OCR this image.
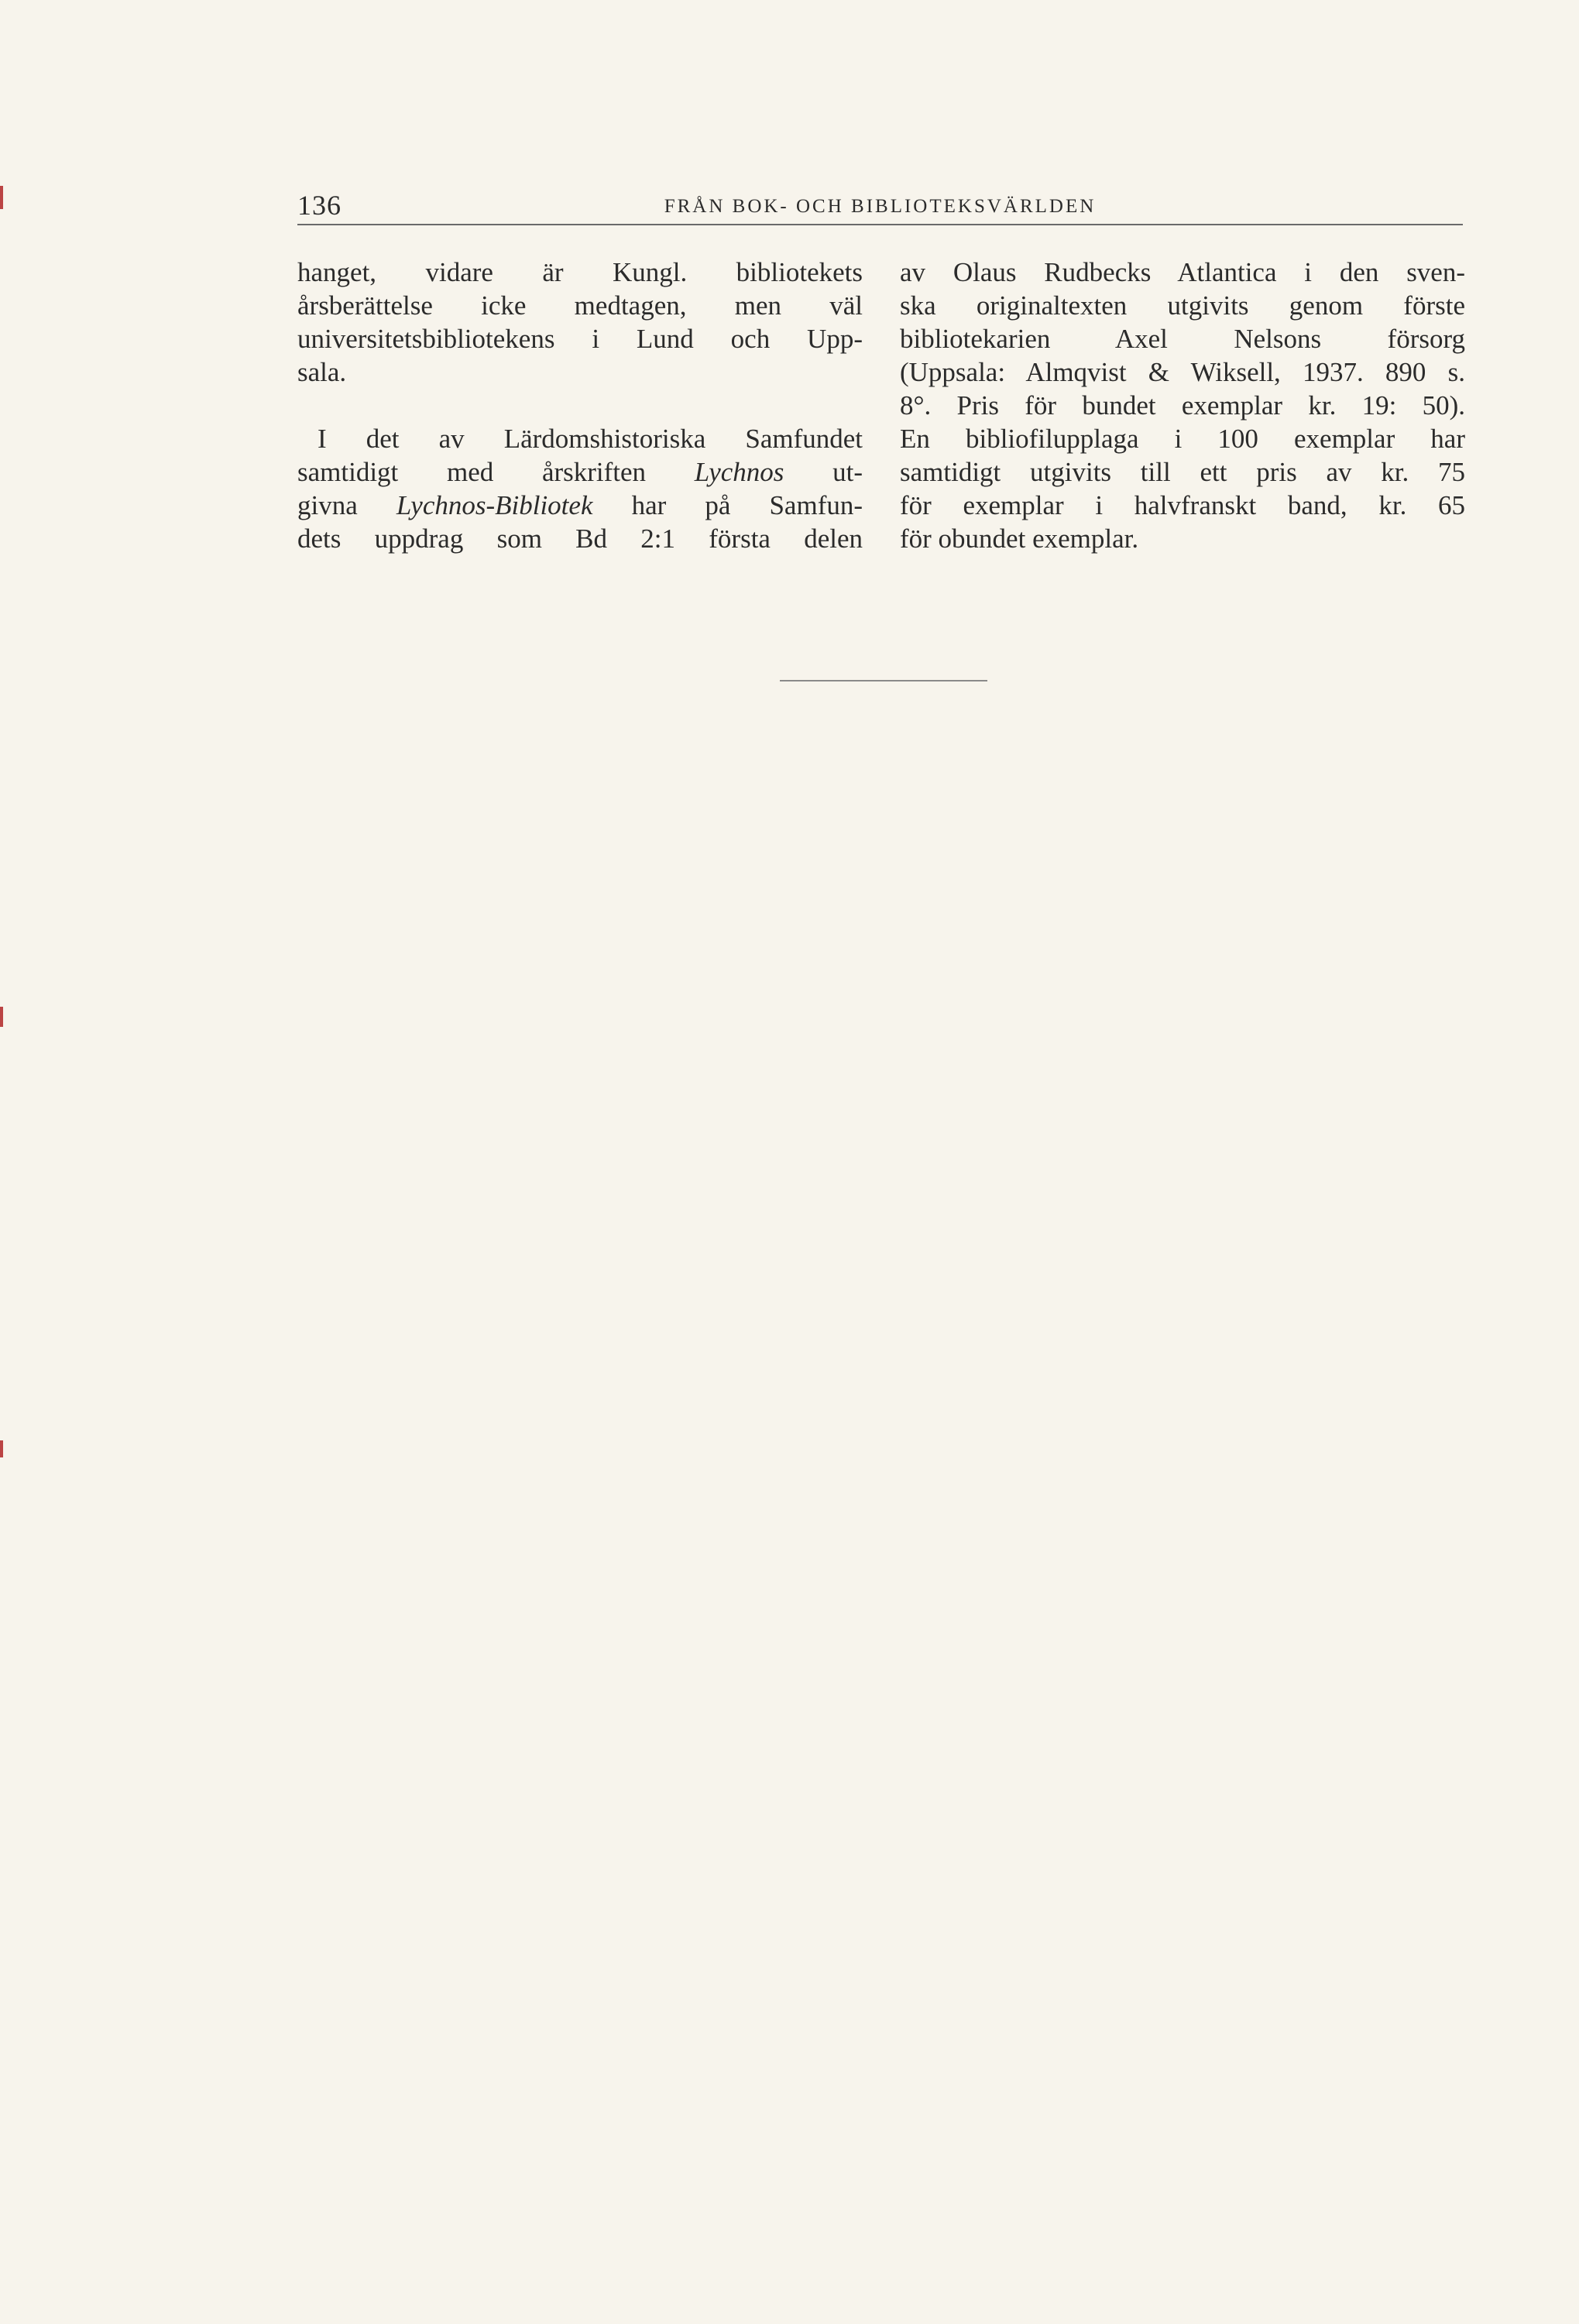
136	FRÅN BOK- OCH BIBLIOTEKSVÄRLDEN
hanget, vidare är Kungl. bibliotekets
årsberättelse icke medtagen, men väl
universitetsbibliotekens i Lund och Upp-
sala.
I det av Lärdomshistoriska Samfundet
samtidigt med årskriften Lychnos ut-
givna Lychnos-Bibliotek har på Samfun-
dets uppdrag som Bd 2:1 första delen
av Olaus Rudbecks Atlantica i den sven-
ska originaltexten utgivits genom förste
bibliotekarien Axel Nelsons försorg
(Uppsala: Almqvist & Wiksell, 1937. 890 s.
8°. Pris för bundet exemplar kr. 19: 50).
En bibliofilupplaga i 100 exemplar har
samtidigt utgivits till ett pris av kr. 75
för exemplar i halvfranskt band, kr. 65
för obundet exemplar.
